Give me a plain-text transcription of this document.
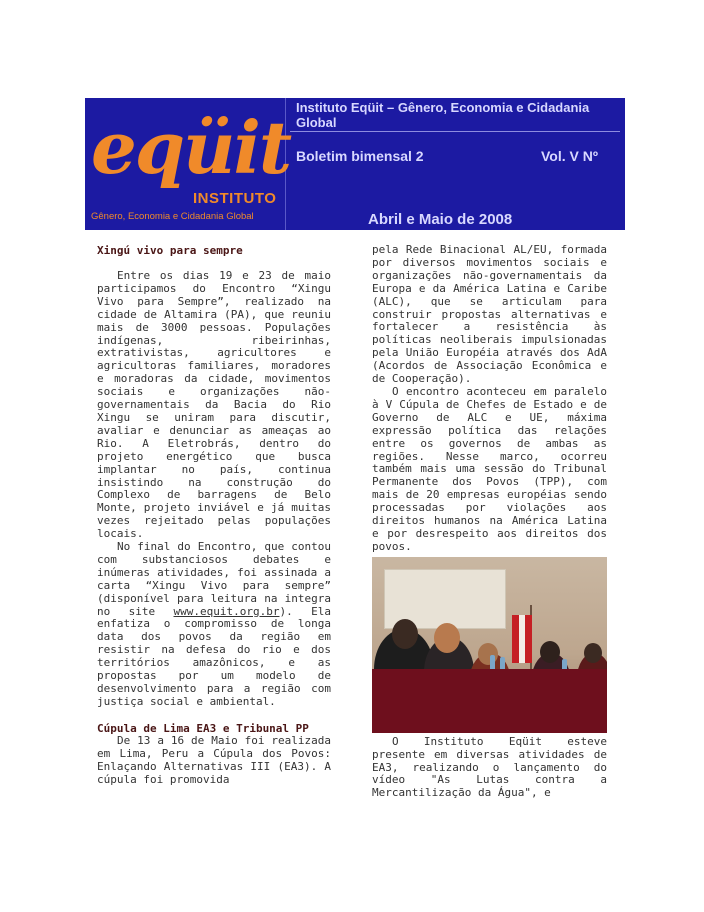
eqüit
INSTITUTO
Gênero, Economia e Cidadania Global
Instituto Eqüit – Gênero, Economia e Cidadania Global
Boletim bimensal 2	Vol. V Nº
Abril e Maio de 2008
Xingú vivo para sempre

Entre os dias 19 e 23 de maio participamos do Encontro “Xingu Vivo para Sempre”, realizado na cidade de Altamira (PA), que reuniu mais de 3000 pessoas. Populações indígenas, ribeirinhas, extrativistas, agricultores e agricultoras familiares, moradores e moradoras da cidade, movimentos sociais e organizações não-governamentais da Bacia do Rio Xingu se uniram para discutir, avaliar e denunciar as ameaças ao Rio. A Eletrobrás, dentro do projeto energético que busca implantar no país, continua insistindo na construção do Complexo de barragens de Belo Monte, projeto inviável e já muitas vezes rejeitado pelas populações locais.

No final do Encontro, que contou com substanciosos debates e inúmeras atividades, foi assinada a carta “Xingu Vivo para sempre” (disponível para leitura na integra no site www.equit.org.br). Ela enfatiza o compromisso de longa data dos povos da região em resistir na defesa do rio e dos territórios amazônicos, e as propostas por um modelo de desenvolvimento para a região com justiça social e ambiental.

Cúpula de Lima EA3 e Tribunal PP

De 13 a 16 de Maio foi realizada em Lima, Peru a Cúpula dos Povos: Enlaçando Alternativas III (EA3). A cúpula foi promovida

pela Rede Binacional AL/EU, formada por diversos movimentos sociais e organizações não-governamentais da Europa e da América Latina e Caribe (ALC), que se articulam para construir propostas alternativas e fortalecer a resistência às políticas neoliberais impulsionadas pela União Européia através dos AdA (Acordos de Associação Econômica e de Cooperação).

O encontro aconteceu em paralelo à V Cúpula de Chefes de Estado e de Governo de ALC e UE, máxima expressão política das relações entre os governos de ambas as regiões. Nesse marco, ocorreu também mais uma sessão do Tribunal Permanente dos Povos (TPP), com mais de 20 empresas européias sendo processadas por violações aos direitos humanos na América Latina e por desrespeito aos direitos dos povos.

O Instituto Eqüit esteve presente em diversas atividades de EA3, realizando o lançamento do vídeo "As Lutas contra a Mercantilização da Água", e
